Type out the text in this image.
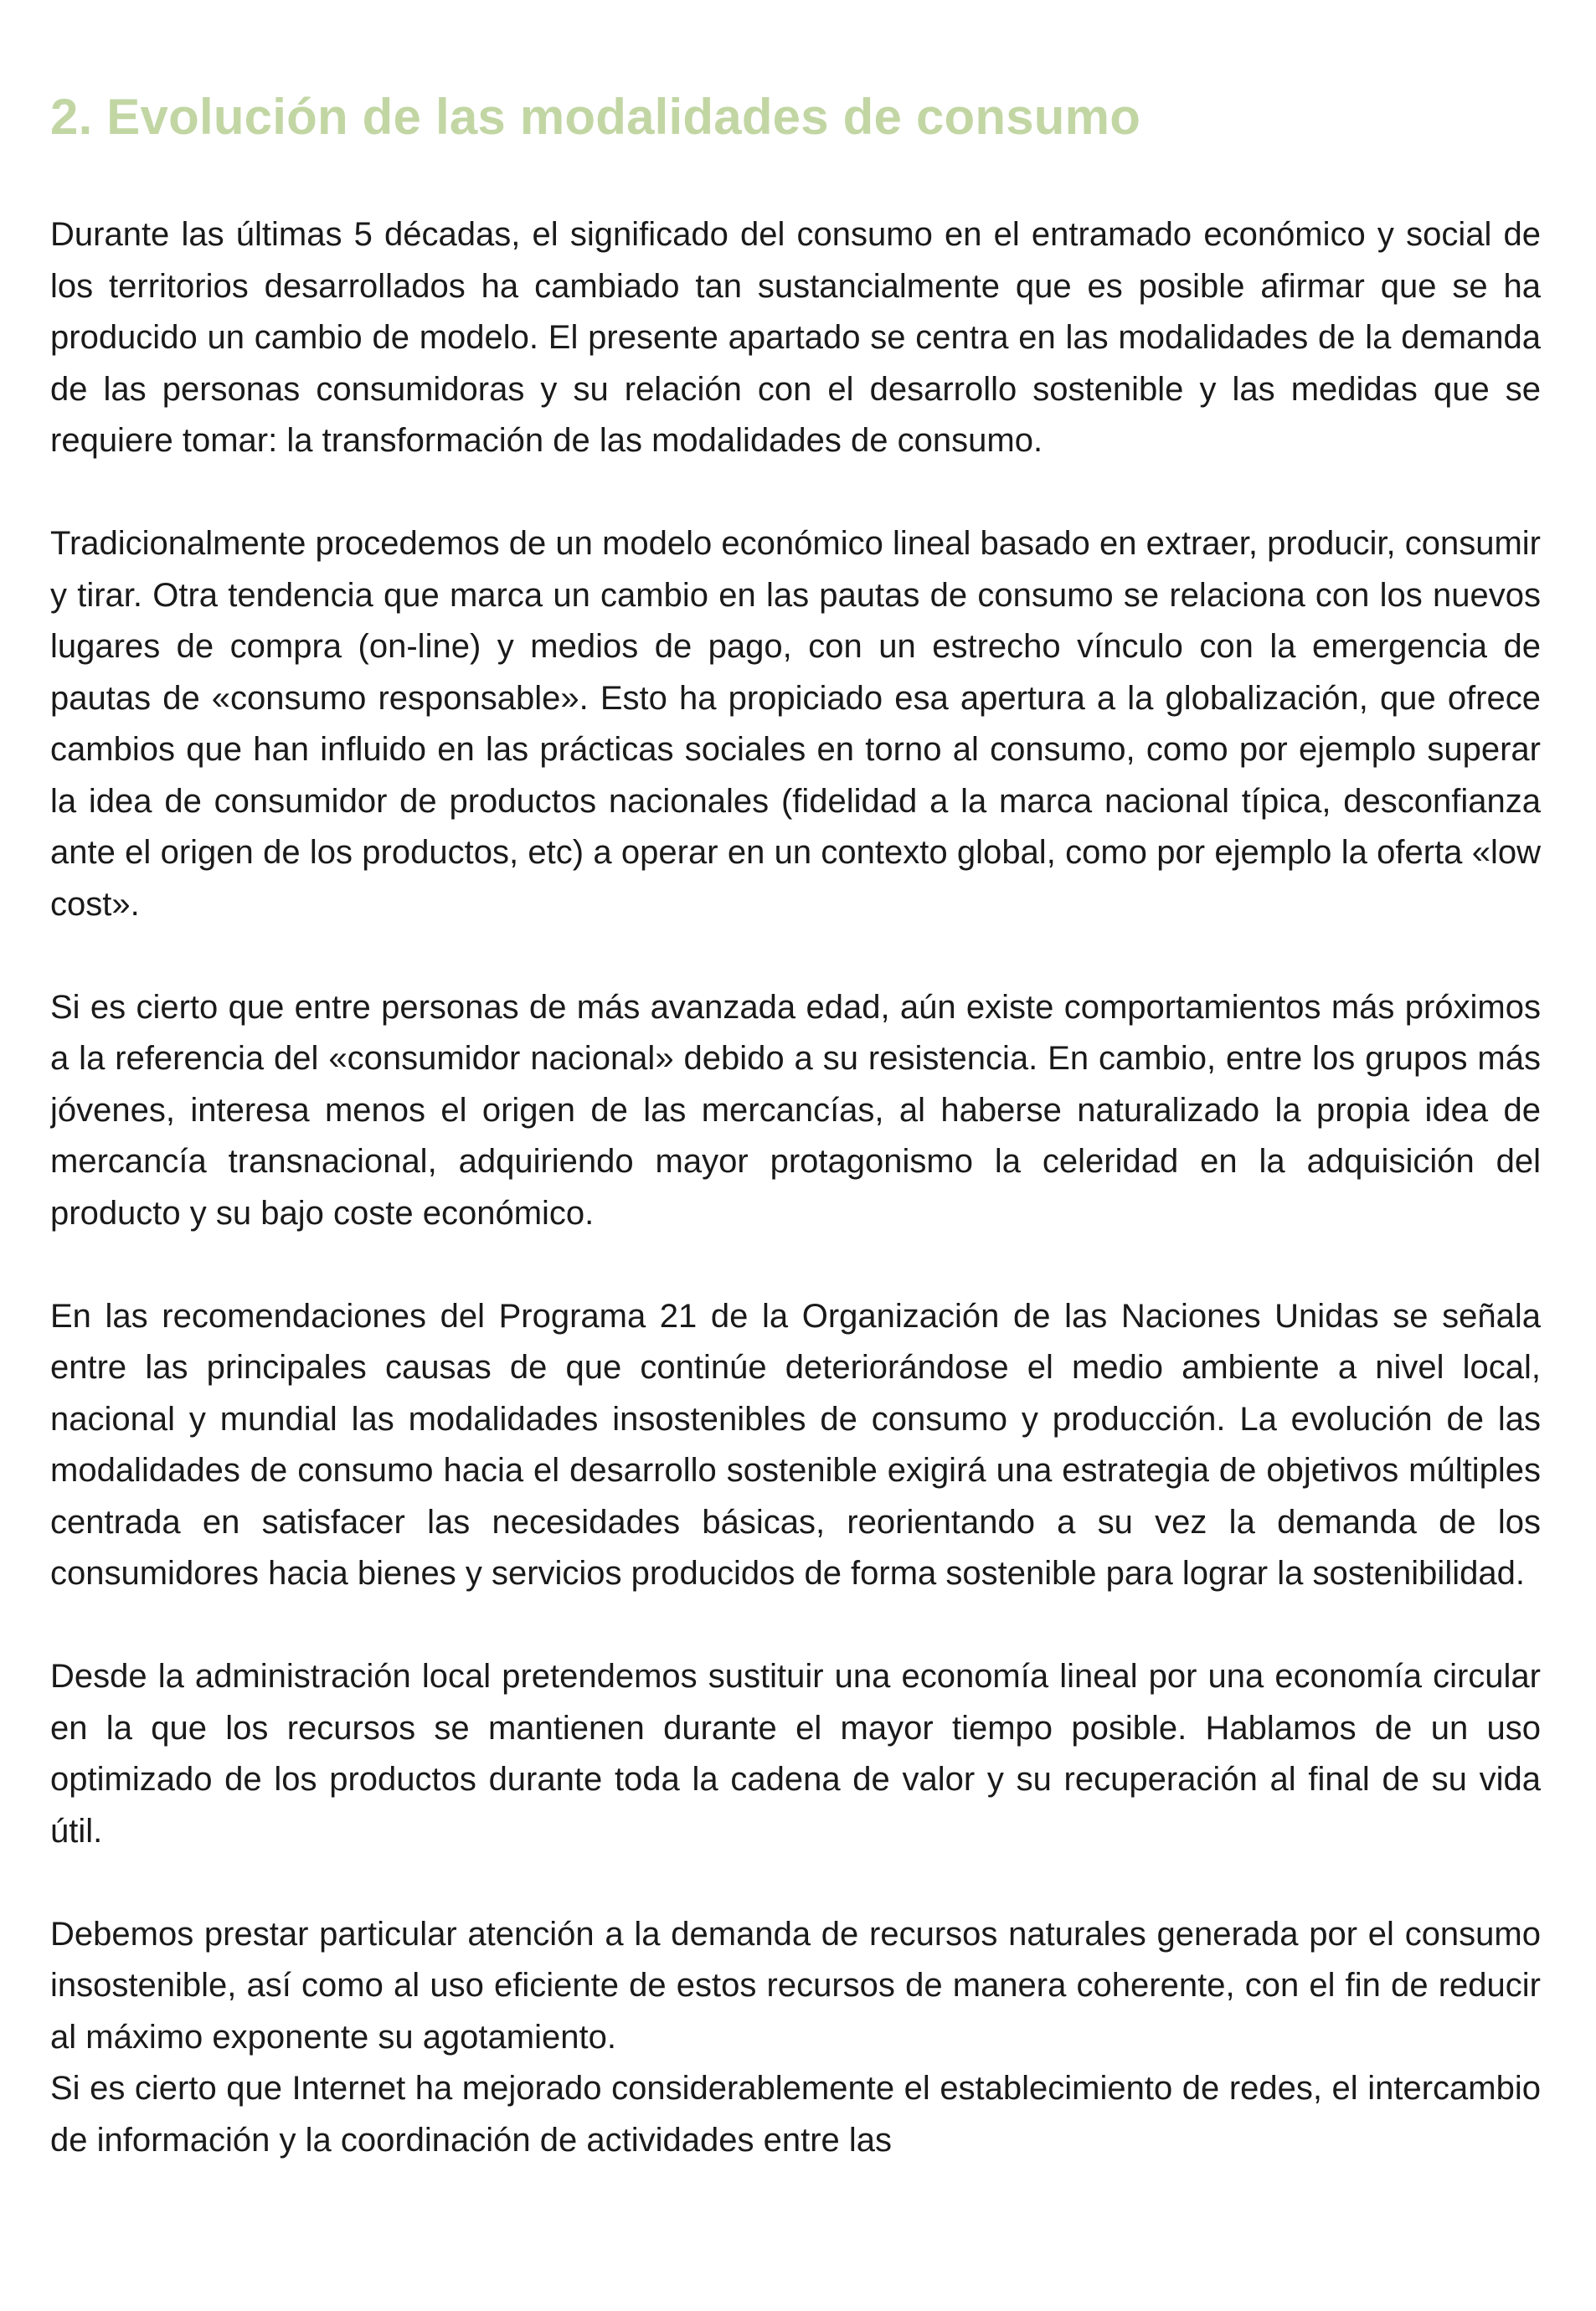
2. Evolución de las modalidades de consumo

Durante las últimas 5 décadas, el significado del consumo en el entramado económico y social de los territorios desarrollados ha cambiado tan sustancialmente que es posible afirmar que se ha producido un cambio de modelo. El presente apartado se centra en las modalidades de la demanda de las personas consumidoras y su relación con el desarrollo sostenible y las medidas que se requiere tomar: la transformación de las modalidades de consumo.

Tradicionalmente procedemos de un modelo económico lineal basado en extraer, producir, consumir y tirar. Otra tendencia que marca un cambio en las pautas de consumo se relaciona con los nuevos lugares de compra (on-line) y medios de pago, con un estrecho vínculo con la emergencia de pautas de «consumo responsable». Esto ha propiciado esa apertura a la globalización, que ofrece cambios que han influido en las prácticas sociales en torno al consumo, como por ejemplo superar la idea de consumidor de productos nacionales (fidelidad a la marca nacional típica, desconfianza ante el origen de los productos, etc) a operar en un contexto global, como por ejemplo la oferta «low cost».

Si es cierto que entre personas de más avanzada edad, aún existe comportamientos más próximos a la referencia del «consumidor nacional» debido a su resistencia. En cambio, entre los grupos más jóvenes, interesa menos el origen de las mercancías, al haberse naturalizado la propia idea de mercancía transnacional, adquiriendo mayor protagonismo la celeridad en la adquisición del producto y su bajo coste económico.

En las recomendaciones del Programa 21 de la Organización de las Naciones Unidas se señala entre las principales causas de que continúe deteriorándose el medio ambiente a nivel local, nacional y mundial las modalidades insostenibles de consumo y producción. La evolución de las modalidades de consumo hacia el desarrollo sostenible exigirá una estrategia de objetivos múltiples centrada en satisfacer las necesidades básicas, reorientando a su vez la demanda de los consumidores hacia bienes y servicios producidos de forma sostenible para lograr la sostenibilidad.

Desde la administración local pretendemos sustituir una economía lineal por una economía circular en la que los recursos se mantienen durante el mayor tiempo posible. Hablamos de un uso optimizado de los productos durante toda la cadena de valor y su recuperación al final de su vida útil.

Debemos prestar particular atención a la demanda de recursos naturales generada por el consumo insostenible, así como al uso eficiente de estos recursos de manera coherente, con el fin de reducir al máximo exponente su agotamiento.

Si es cierto que Internet ha mejorado considerablemente el establecimiento de redes, el intercambio de información y la coordinación de actividades entre las
